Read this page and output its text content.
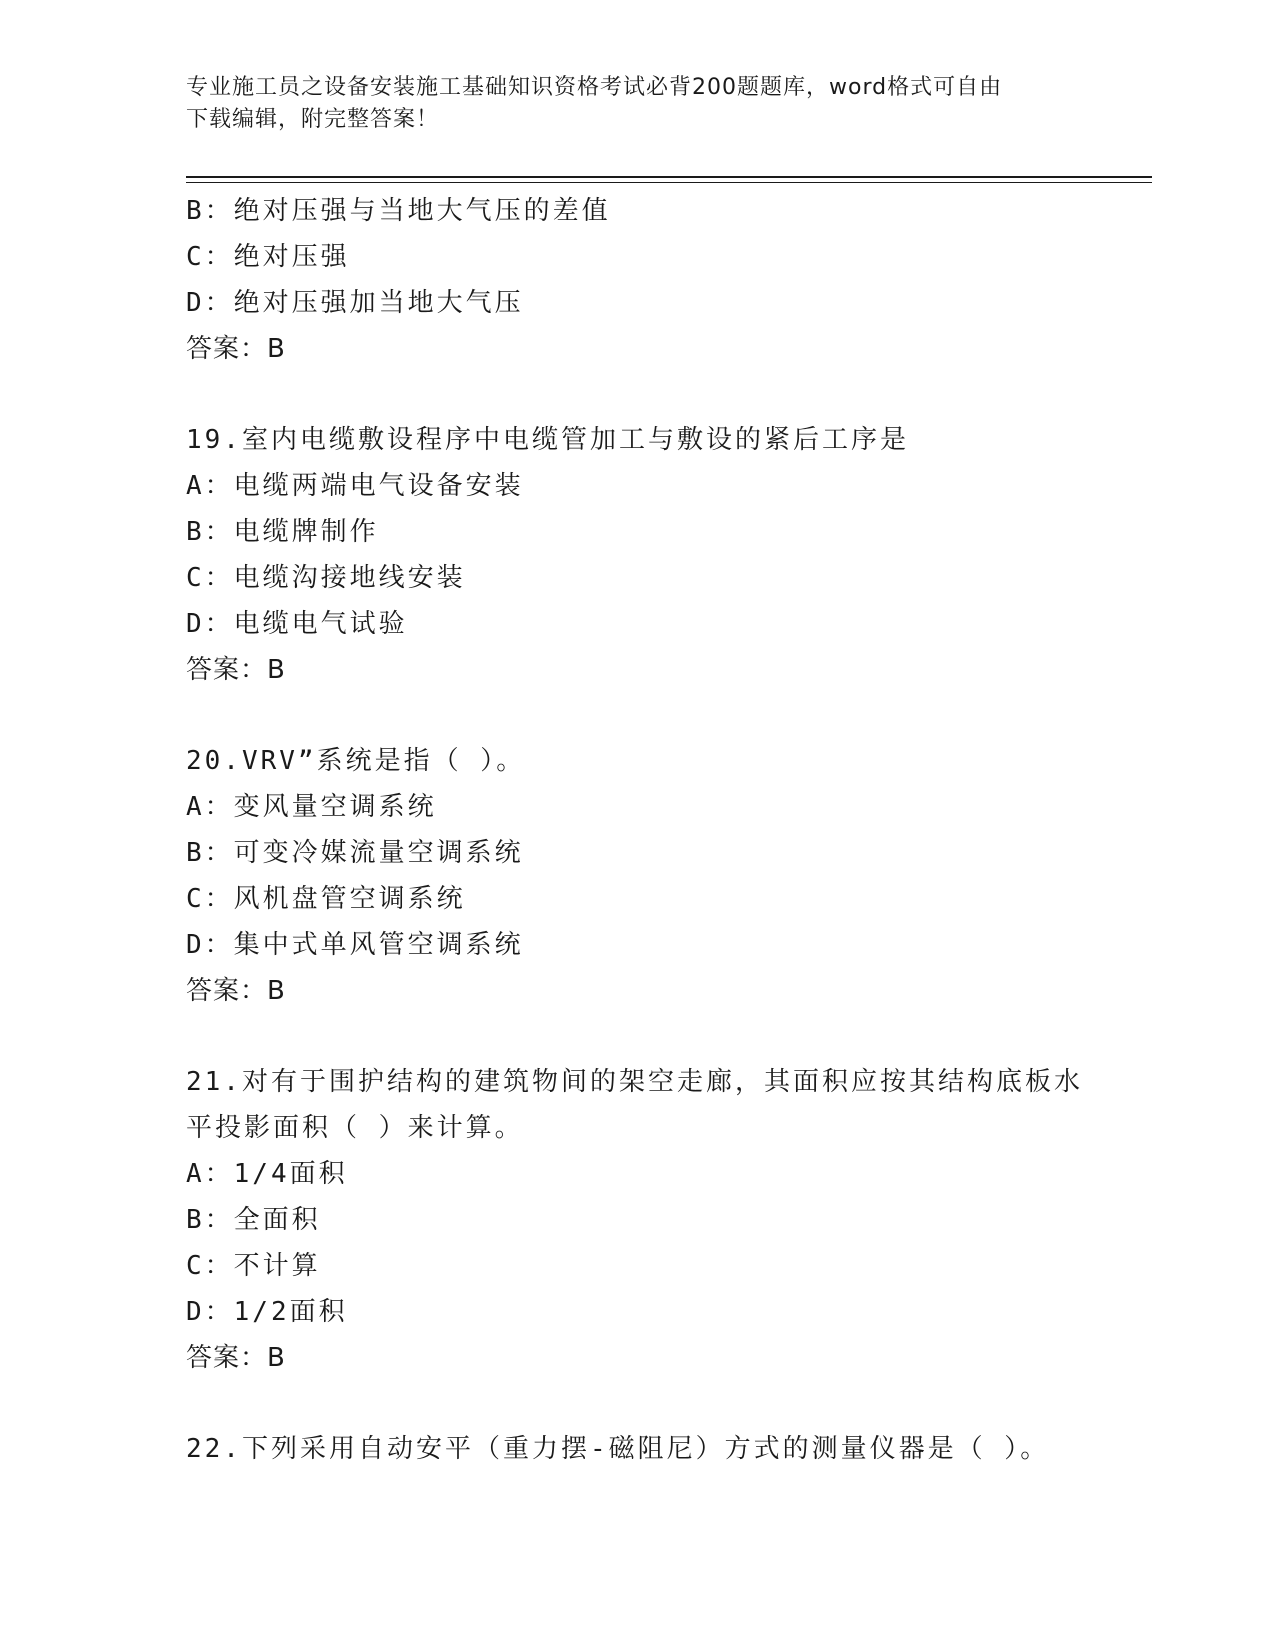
专业施工员之设备安装施工基础知识资格考试必背200题题库，word格式可自由
下载编辑，附完整答案！
B：绝对压强与当地大气压的差值
C：绝对压强
D：绝对压强加当地大气压
答案：B
19.室内电缆敷设程序中电缆管加工与敷设的紧后工序是
A：电缆两端电气设备安装
B：电缆牌制作
C：电缆沟接地线安装
D：电缆电气试验
答案：B
20.VRV”系统是指（ ）。
A：变风量空调系统
B：可变冷媒流量空调系统
C：风机盘管空调系统
D：集中式单风管空调系统
答案：B
21.对有于围护结构的建筑物间的架空走廊，其面积应按其结构底板水
平投影面积（ ）来计算。
A：1/4面积
B：全面积
C：不计算
D：1/2面积
答案：B
22.下列采用自动安平（重力摆-磁阻尼）方式的测量仪器是（ ）。
